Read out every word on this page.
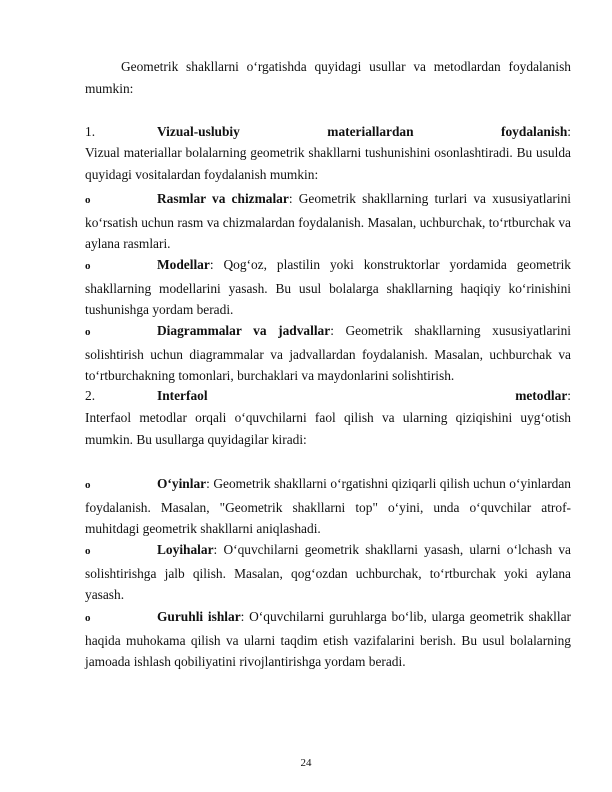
Geometrik shakllarni o‘rgatishda quyidagi usullar va metodlardan foydalanish mumkin:

1.	Vizual-uslubiy materiallardan foydalanish:

Vizual materiallar bolalarning geometrik shakllarni tushunishini osonlashtiradi. Bu usulda quyidagi vositalardan foydalanish mumkin:

o	Rasmlar va chizmalar: Geometrik shakllarning turlari va xususiyatlarini ko‘rsatish uchun rasm va chizmalardan foydalanish. Masalan, uchburchak, to‘rtburchak va aylana rasmlari.

o	Modellar: Qog‘oz, plastilin yoki konstruktorlar yordamida geometrik shakllarning modellarini yasash. Bu usul bolalarga shakllarning haqiqiy ko‘rinishini tushunishga yordam beradi.

o	Diagrammalar va jadvallar: Geometrik shakllarning xususiyatlarini solishtirish uchun diagrammalar va jadvallardan foydalanish. Masalan, uchburchak va to‘rtburchakning tomonlari, burchaklari va maydonlarini solishtirish.

2.	Interfaol metodlar:

Interfaol metodlar orqali o‘quvchilarni faol qilish va ularning qiziqishini uyg‘otish mumkin. Bu usullarga quyidagilar kiradi:

o	O‘yinlar: Geometrik shakllarni o‘rgatishni qiziqarli qilish uchun o‘yinlardan foydalanish. Masalan, "Geometrik shakllarni top" o‘yini, unda o‘quvchilar atrof-muhitdagi geometrik shakllarni aniqlashadi.

o	Loyihalar: O‘quvchilarni geometrik shakllarni yasash, ularni o‘lchash va solishtirishga jalb qilish. Masalan, qog‘ozdan uchburchak, to‘rtburchak yoki aylana yasash.

o	Guruhli ishlar: O‘quvchilarni guruhlarga bo‘lib, ularga geometrik shakllar haqida muhokama qilish va ularni taqdim etish vazifalarini berish. Bu usul bolalarning jamoada ishlash qobiliyatini rivojlantirishga yordam beradi.

24
